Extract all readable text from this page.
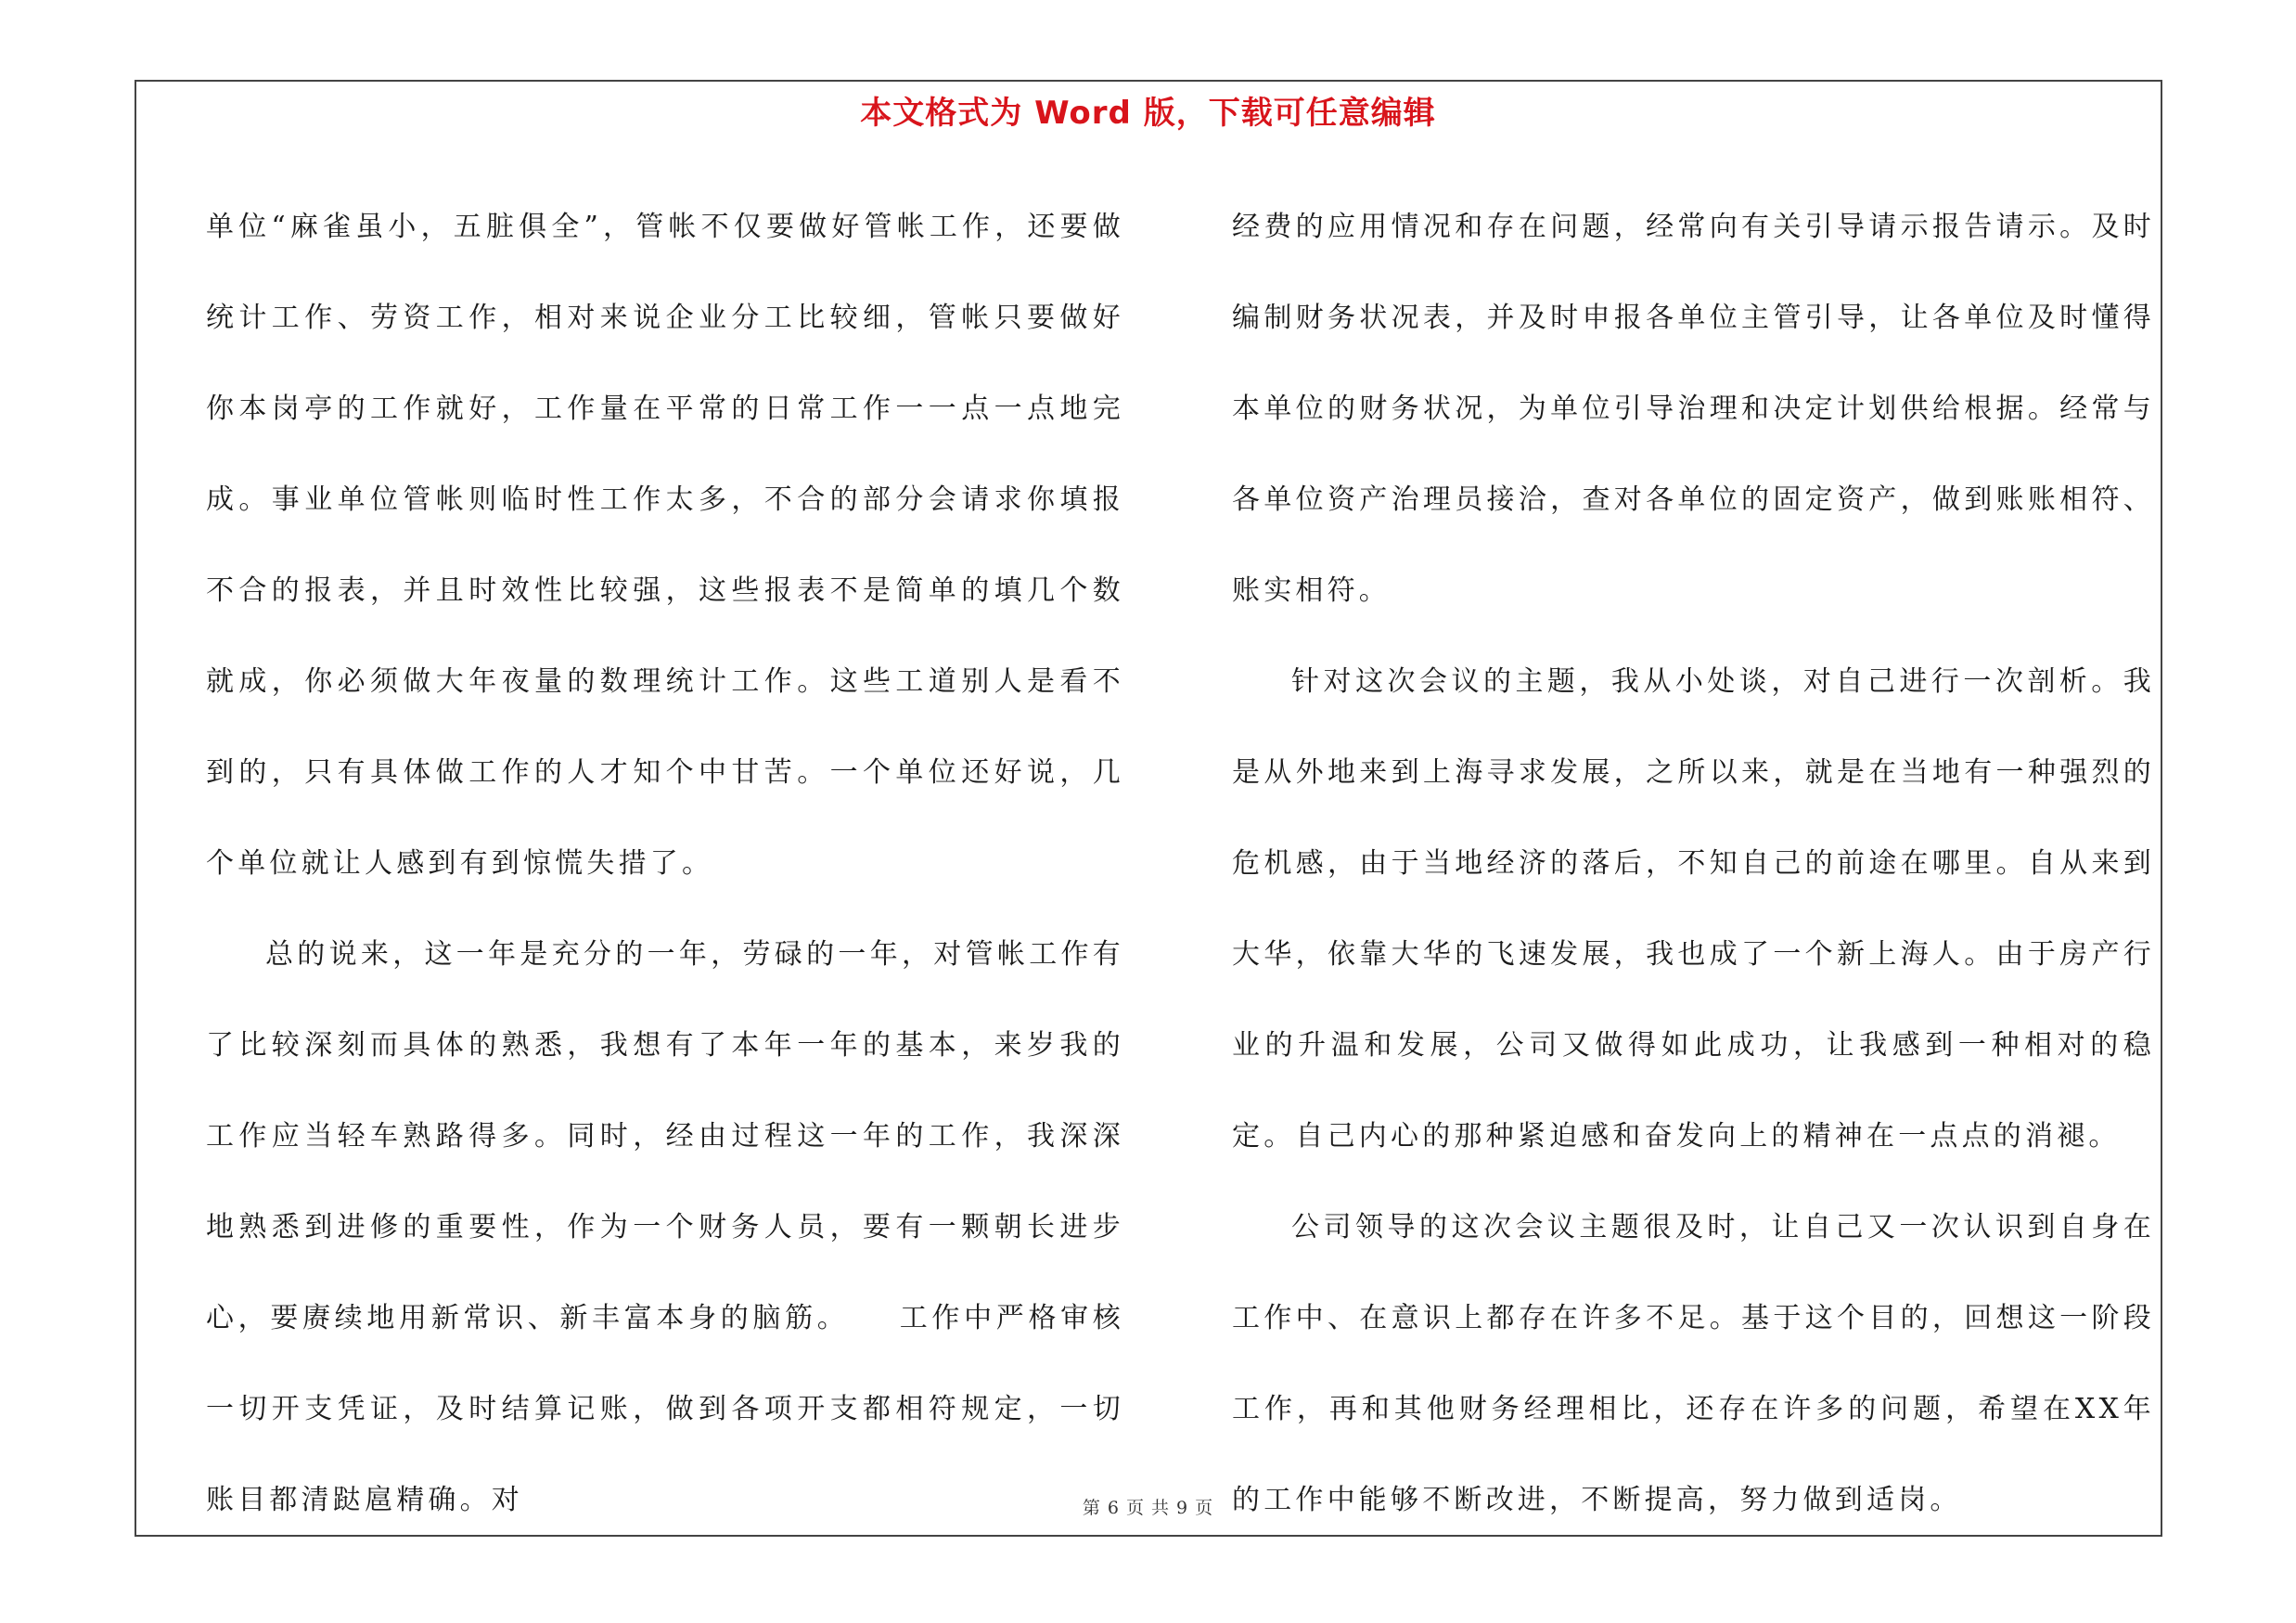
本文格式为 Word 版，下载可任意编辑

单位“麻雀虽小，五脏俱全”，管帐不仅要做好管帐工作，还要做统计工作、劳资工作，相对来说企业分工比较细，管帐只要做好你本岗亭的工作就好，工作量在平常的日常工作一一点一点地完成。事业单位管帐则临时性工作太多，不合的部分会请求你填报不合的报表，并且时效性比较强，这些报表不是简单的填几个数就成，你必须做大年夜量的数理统计工作。这些工道别人是看不到的，只有具体做工作的人才知个中甘苦。一个单位还好说，几个单位就让人感到有到惊慌失措了。

总的说来，这一年是充分的一年，劳碌的一年，对管帐工作有了比较深刻而具体的熟悉，我想有了本年一年的基本，来岁我的工作应当轻车熟路得多。同时，经由过程这一年的工作，我深深地熟悉到进修的重要性，作为一个财务人员，要有一颗朝长进步心，要赓续地用新常识、新丰富本身的脑筋。　　工作中严格审核一切开支凭证，及时结算记账，做到各项开支都相符规定，一切账目都清跶扈精确。对

经费的应用情况和存在问题，经常向有关引导请示报告请示。及时编制财务状况表，并及时申报各单位主管引导，让各单位及时懂得本单位的财务状况，为单位引导治理和决定计划供给根据。经常与各单位资产治理员接洽，查对各单位的固定资产，做到账账相符、账实相符。

针对这次会议的主题，我从小处谈，对自己进行一次剖析。我是从外地来到上海寻求发展，之所以来，就是在当地有一种强烈的危机感，由于当地经济的落后，不知自己的前途在哪里。自从来到大华，依靠大华的飞速发展，我也成了一个新上海人。由于房产行业的升温和发展，公司又做得如此成功，让我感到一种相对的稳定。自己内心的那种紧迫感和奋发向上的精神在一点点的消褪。

公司领导的这次会议主题很及时，让自己又一次认识到自身在工作中、在意识上都存在许多不足。基于这个目的，回想这一阶段工作，再和其他财务经理相比，还存在许多的问题，希望在XX年的工作中能够不断改进，不断提高，努力做到适岗。

第 6 页 共 9 页
